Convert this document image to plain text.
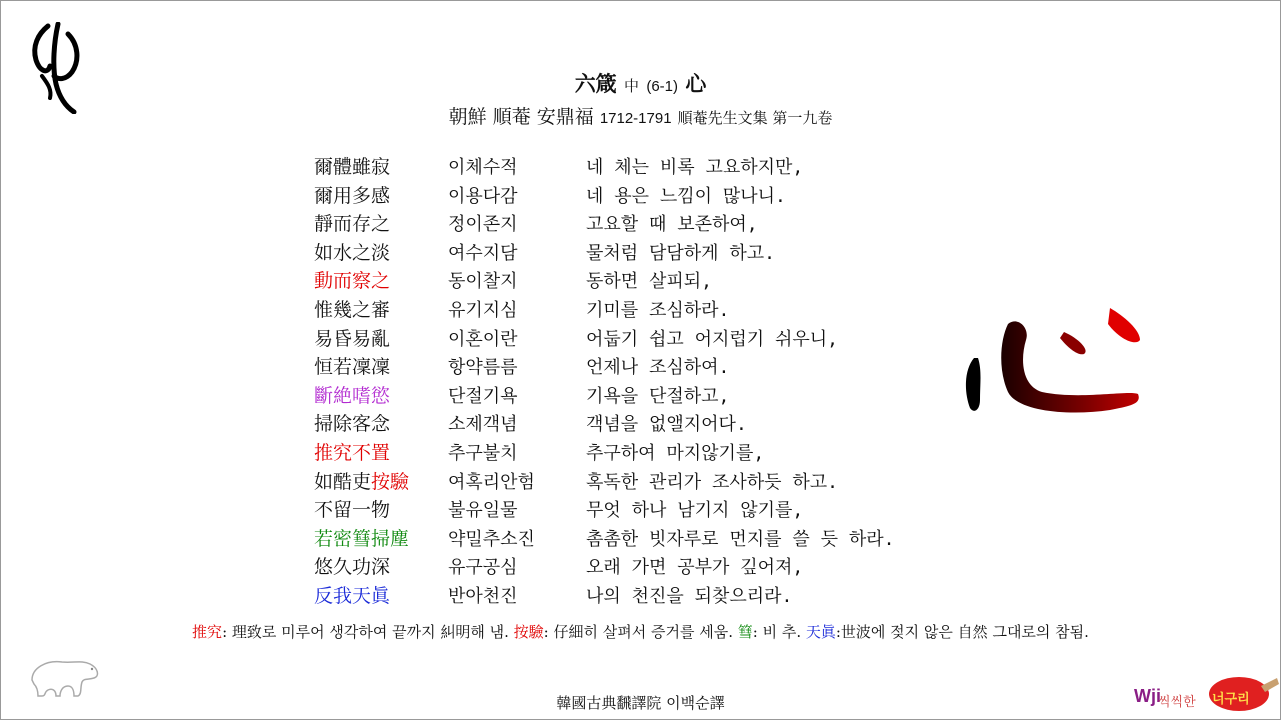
六箴 中 (6-1) 心
朝鮮 順菴 安鼎福 1712-1791 順菴先生文集 第一九卷
爾體雖寂	이체수적	네 체는 비록 고요하지만,
爾用多感	이용다감	네 용은 느낌이 많나니.
靜而存之	정이존지	고요할 때 보존하여,
如水之淡	여수지담	물처럼 담담하게 하고.
動而察之	동이찰지	동하면 살피되,
惟幾之審	유기지심	기미를 조심하라.
易昏易亂	이혼이란	어둡기 쉽고 어지럽기 쉬우니,
恒若凜凜	항약름름	언제나 조심하여.
斷絶嗜慾	단절기욕	기욕을 단절하고,
掃除客念	소제객념	객념을 없앨지어다.
推究不置	추구불치	추구하여 마지않기를,
如酷吏按驗 여혹리안험	혹독한 관리가 조사하듯 하고.
不留一物	불유일물	무엇 하나 남기지 않기를,
若密篲掃塵 약밀추소진	촘촘한 빗자루로 먼지를 쓸 듯 하라.
悠久功深	유구공심	오래 가면 공부가 깊어져,
反我天眞	반아천진	나의 천진을 되찾으리라.
推究: 理致로 미루어 생각하여 끝까지 糾明해 냄. 按驗: 仔細히 살펴서 증거를 세움. 篲: 비 추. 天眞:世波에 젖지 않은 自然 그대로의 참됨.
韓國古典飜譯院 이백순譯	Wji
씩씩한 너구리
